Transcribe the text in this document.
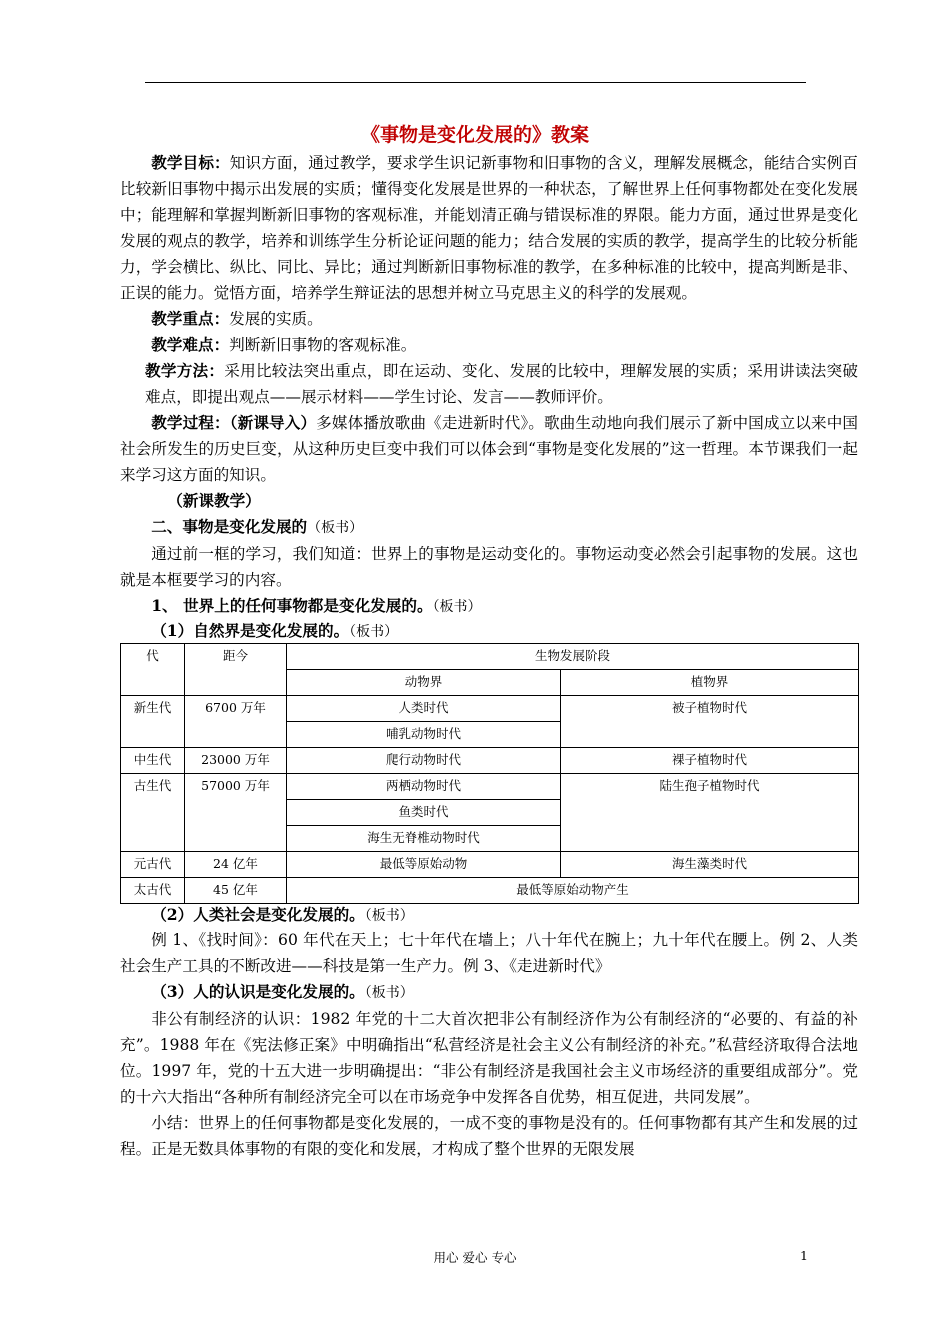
《事物是变化发展的》教案

教学目标：知识方面，通过教学，要求学生识记新事物和旧事物的含义，理解发展概念，能结合实例百比较新旧事物中揭示出发展的实质；懂得变化发展是世界的一种状态，了解世界上任何事物都处在变化发展中；能理解和掌握判断新旧事物的客观标准，并能划清正确与错误标准的界限。能力方面，通过世界是变化发展的观点的教学，培养和训练学生分析论证问题的能力；结合发展的实质的教学，提高学生的比较分析能力，学会横比、纵比、同比、异比；通过判断新旧事物标准的教学，在多种标准的比较中，提高判断是非、正误的能力。觉悟方面，培养学生辩证法的思想并树立马克思主义的科学的发展观。

教学重点：发展的实质。

教学难点：判断新旧事物的客观标准。

教学方法：采用比较法突出重点，即在运动、变化、发展的比较中，理解发展的实质；采用讲读法突破难点，即提出观点——展示材料——学生讨论、发言——教师评价。

教学过程：（新课导入）多媒体播放歌曲《走进新时代》。歌曲生动地向我们展示了新中国成立以来中国社会所发生的历史巨变，从这种历史巨变中我们可以体会到“事物是变化发展的”这一哲理。本节课我们一起来学习这方面的知识。

（新课教学）

二、事物是变化发展的（板书）

通过前一框的学习，我们知道：世界上的事物是运动变化的。事物运动变必然会引起事物的发展。这也就是本框要学习的内容。

1、 世界上的任何事物都是变化发展的。（板书）

（1）自然界是变化发展的。（板书）

代	距今	生物发展阶段	
		动物界	植物界
新生代	6700 万年	人类时代	被子植物时代
		哺乳动物时代	
中生代	23000 万年	爬行动物时代	裸子植物时代
古生代	57000 万年	两栖动物时代	陆生孢子植物时代
		鱼类时代	
		海生无脊椎动物时代	
元古代	24 亿年	最低等原始动物	海生藻类时代
太古代	45 亿年	最低等原始动物产生	

（2）人类社会是变化发展的。（板书）

例 1、《找时间》：60 年代在天上；七十年代在墙上；八十年代在腕上；九十年代在腰上。例 2、人类社会生产工具的不断改进——科技是第一生产力。例 3、《走进新时代》

（3）人的认识是变化发展的。（板书）

非公有制经济的认识：1982 年党的十二大首次把非公有制经济作为公有制经济的“必要的、有益的补充”。1988 年在《宪法修正案》中明确指出“私营经济是社会主义公有制经济的补充。”私营经济取得合法地位。1997 年，党的十五大进一步明确提出：“非公有制经济是我国社会主义市场经济的重要组成部分”。党的十六大指出“各种所有制经济完全可以在市场竞争中发挥各自优势，相互促进，共同发展”。

小结：世界上的任何事物都是变化发展的，一成不变的事物是没有的。任何事物都有其产生和发展的过程。正是无数具体事物的有限的变化和发展，才构成了整个世界的无限发展

用心 爱心 专心	1
